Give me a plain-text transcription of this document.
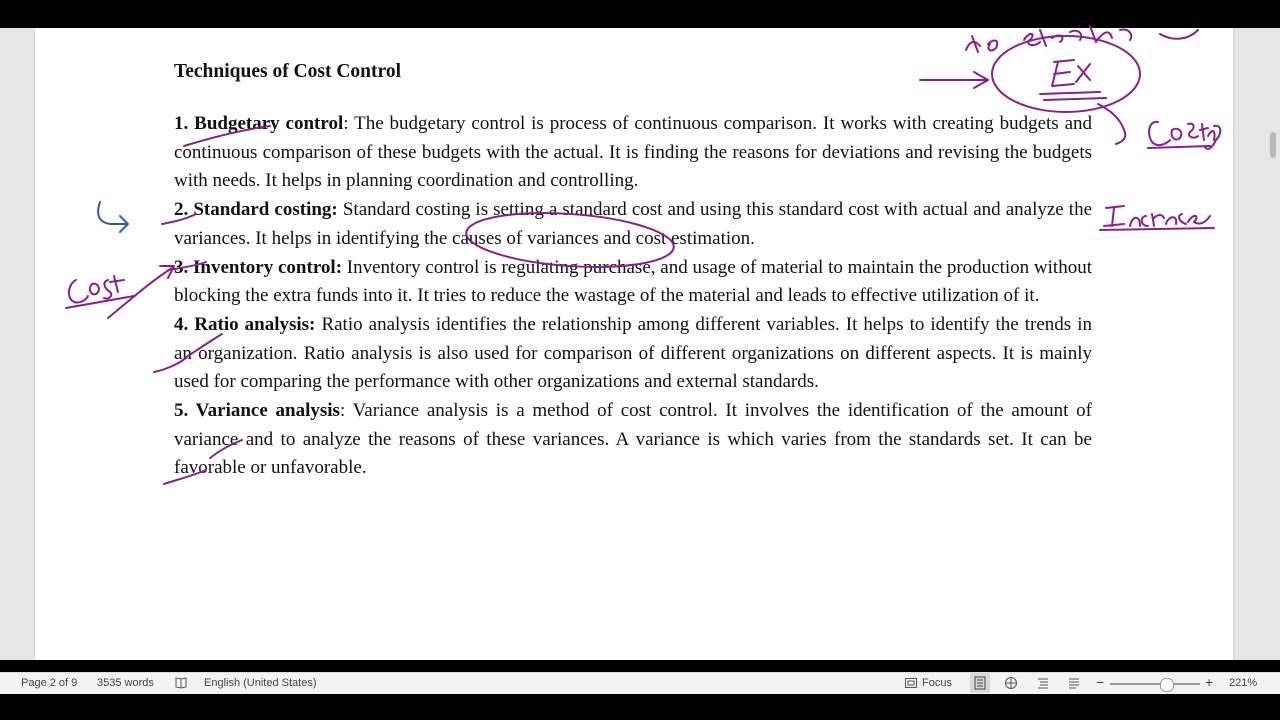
Techniques of Cost Control

1. Budgetary control: The budgetary control is process of continuous comparison. It works with creating budgets and continuous comparison of these budgets with the actual. It is finding the reasons for deviations and revising the budgets with needs. It helps in planning coordination and controlling.

2. Standard costing: Standard costing is setting a standard cost and using this standard cost with actual and analyze the variances. It helps in identifying the causes of variances and cost estimation.

3. Inventory control: Inventory control is regulating purchase, and usage of material to maintain the production without blocking the extra funds into it. It tries to reduce the wastage of the material and leads to effective utilization of it.

4. Ratio analysis: Ratio analysis identifies the relationship among different variables. It helps to identify the trends in an organization. Ratio analysis is also used for comparison of different organizations on different aspects. It is mainly used for comparing the performance with other organizations and external standards.

5. Variance analysis: Variance analysis is a method of cost control. It involves the identification of the amount of variance and to analyze the reasons of these variances. A variance is which varies from the standards set. It can be favorable or unfavorable.

Page 2 of 9 3535 words	English (United States)	Focus	−	+ 221%
